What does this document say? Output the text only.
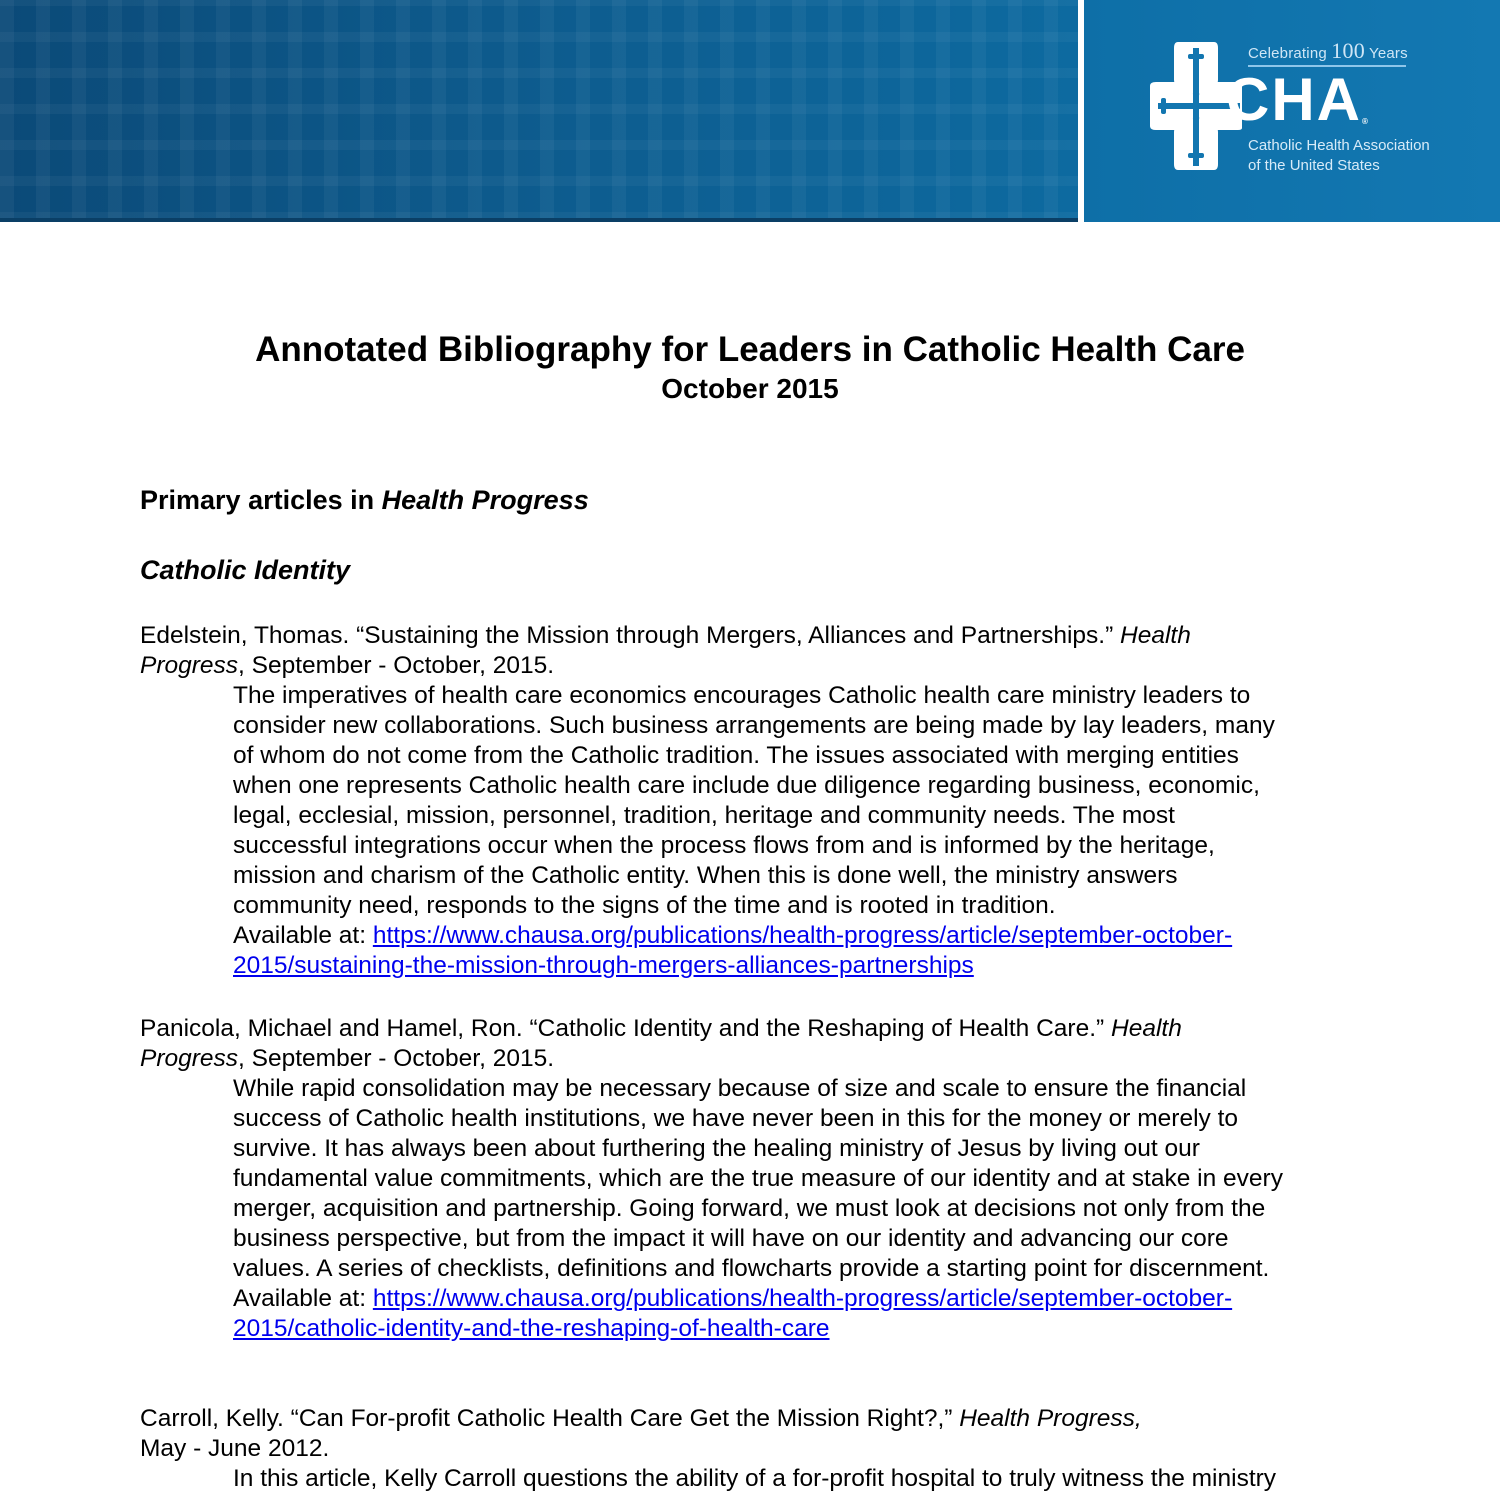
Celebrating 100 Years
CHA®
Catholic Health Association
of the United States
Annotated Bibliography for Leaders in Catholic Health Care
October 2015
Primary articles in Health Progress
Catholic Identity
Edelstein, Thomas. “Sustaining the Mission through Mergers, Alliances and Partnerships.” Health
Progress, September - October, 2015.
The imperatives of health care economics encourages Catholic health care ministry leaders to
consider new collaborations. Such business arrangements are being made by lay leaders, many
of whom do not come from the Catholic tradition. The issues associated with merging entities
when one represents Catholic health care include due diligence regarding business, economic,
legal, ecclesial, mission, personnel, tradition, heritage and community needs. The most
successful integrations occur when the process flows from and is informed by the heritage,
mission and charism of the Catholic entity. When this is done well, the ministry answers
community need, responds to the signs of the time and is rooted in tradition.
Available at: https://www.chausa.org/publications/health-progress/article/september-october-
2015/sustaining-the-mission-through-mergers-alliances-partnerships
Panicola, Michael and Hamel, Ron. “Catholic Identity and the Reshaping of Health Care.” Health
Progress, September - October, 2015.
While rapid consolidation may be necessary because of size and scale to ensure the financial
success of Catholic health institutions, we have never been in this for the money or merely to
survive. It has always been about furthering the healing ministry of Jesus by living out our
fundamental value commitments, which are the true measure of our identity and at stake in every
merger, acquisition and partnership. Going forward, we must look at decisions not only from the
business perspective, but from the impact it will have on our identity and advancing our core
values. A series of checklists, definitions and flowcharts provide a starting point for discernment.
Available at: https://www.chausa.org/publications/health-progress/article/september-october-
2015/catholic-identity-and-the-reshaping-of-health-care
Carroll, Kelly. “Can For-profit Catholic Health Care Get the Mission Right?,” Health Progress,
May - June 2012.
In this article, Kelly Carroll questions the ability of a for-profit hospital to truly witness the ministry
